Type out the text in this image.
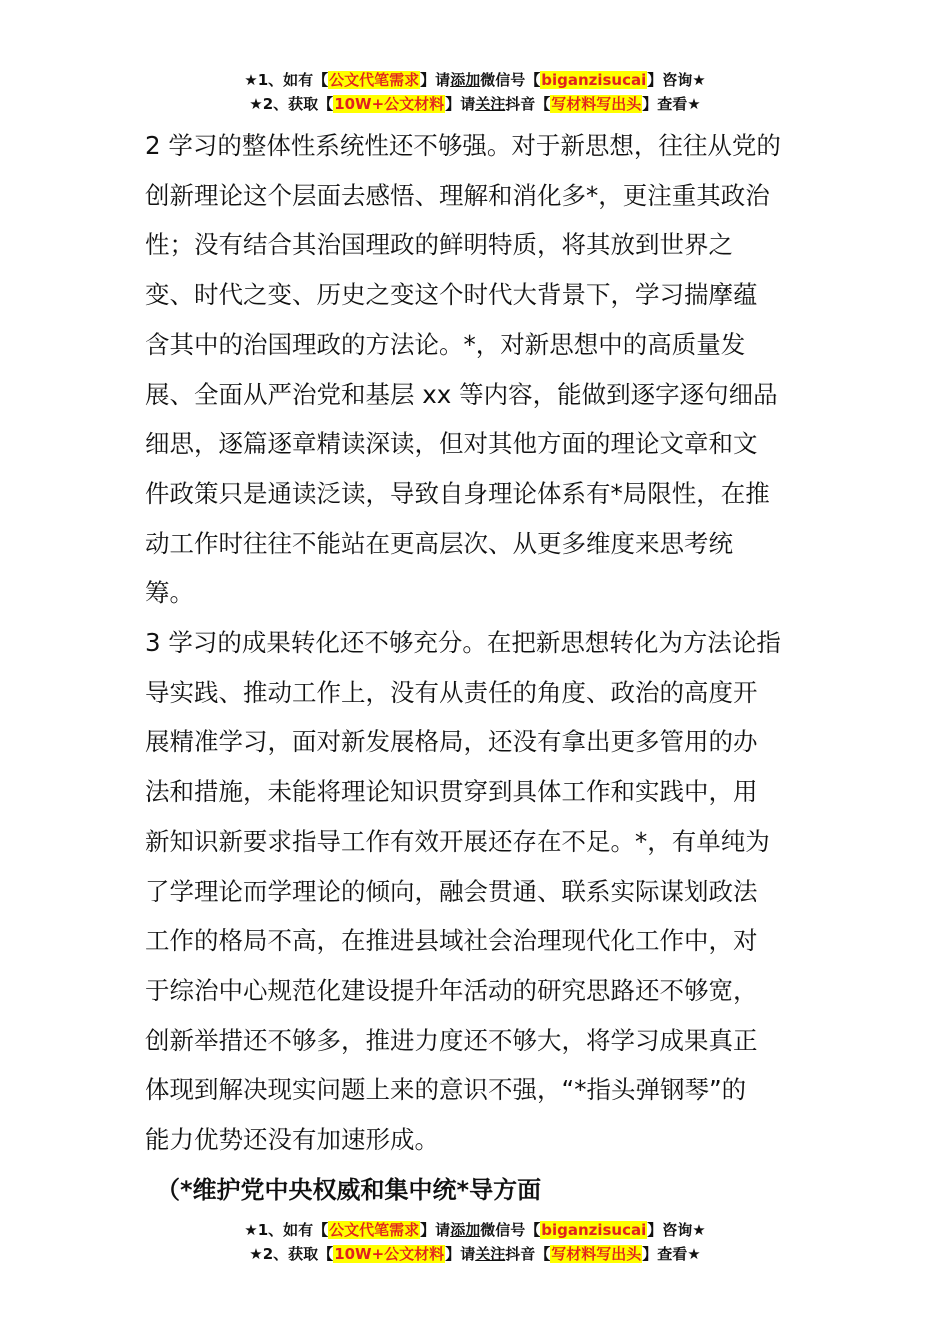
★1、如有【公文代笔需求】请添加微信号【biganzisucai】咨询★
★2、获取【10W+公文材料】请关注抖音【写材料写出头】查看★
2 学习的整体性系统性还不够强。对于新思想，往往从党的
创新理论这个层面去感悟、理解和消化多*，更注重其政治
性；没有结合其治国理政的鲜明特质，将其放到世界之
变、时代之变、历史之变这个时代大背景下，学习揣摩蕴
含其中的治国理政的方法论。*，对新思想中的高质量发
展、全面从严治党和基层 xx 等内容，能做到逐字逐句细品
细思，逐篇逐章精读深读，但对其他方面的理论文章和文
件政策只是通读泛读，导致自身理论体系有*局限性，在推
动工作时往往不能站在更高层次、从更多维度来思考统
筹。
3 学习的成果转化还不够充分。在把新思想转化为方法论指
导实践、推动工作上，没有从责任的角度、政治的高度开
展精准学习，面对新发展格局，还没有拿出更多管用的办
法和措施，未能将理论知识贯穿到具体工作和实践中，用
新知识新要求指导工作有效开展还存在不足。*，有单纯为
了学理论而学理论的倾向，融会贯通、联系实际谋划政法
工作的格局不高，在推进县域社会治理现代化工作中，对
于综治中心规范化建设提升年活动的研究思路还不够宽，
创新举措还不够多，推进力度还不够大，将学习成果真正
体现到解决现实问题上来的意识不强，“*指头弹钢琴”的
能力优势还没有加速形成。
（*维护党中央权威和集中统*导方面
★1、如有【公文代笔需求】请添加微信号【biganzisucai】咨询★
★2、获取【10W+公文材料】请关注抖音【写材料写出头】查看★
